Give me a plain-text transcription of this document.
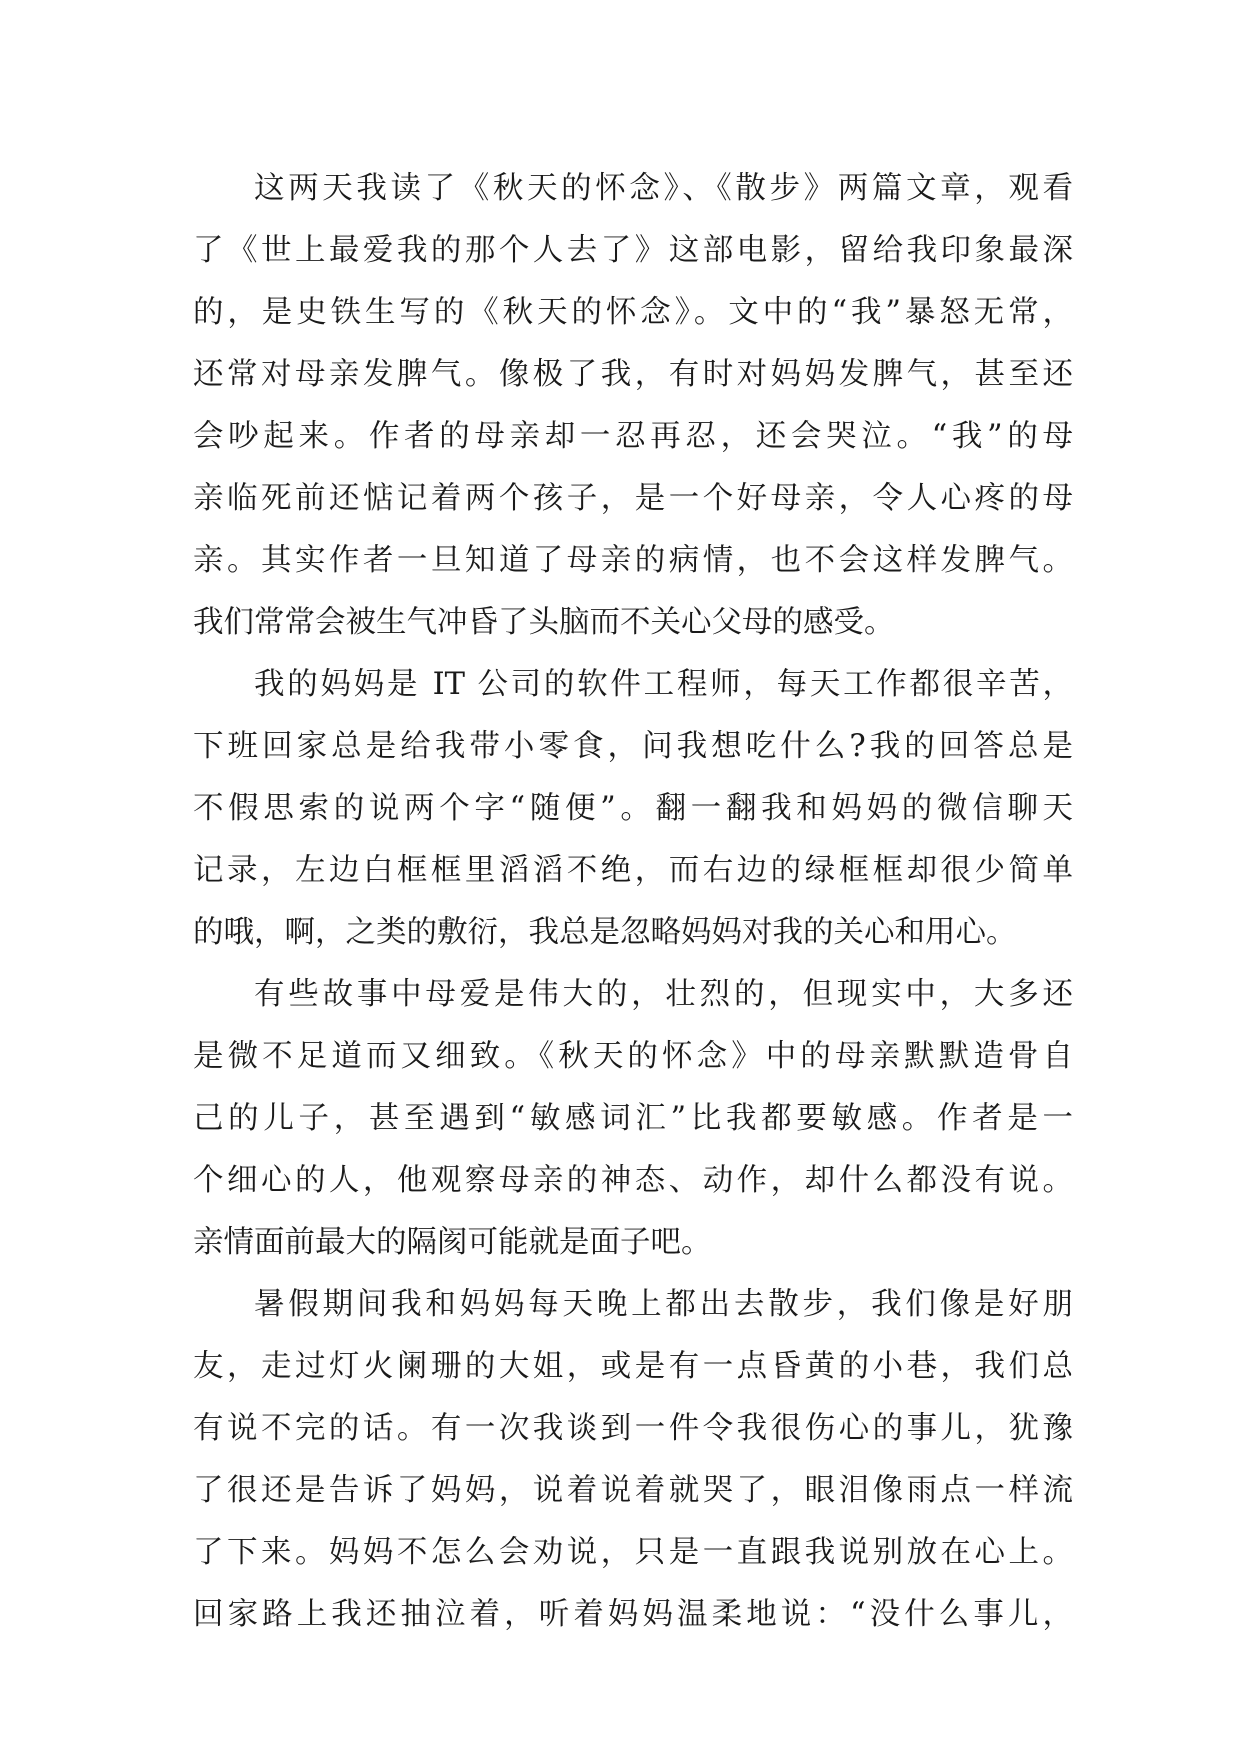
这两天我读了《秋天的怀念》、《散步》两篇文章，观看
了《世上最爱我的那个人去了》这部电影，留给我印象最深
的，是史铁生写的《秋天的怀念》。文中的“我”暴怒无常，
还常对母亲发脾气。像极了我，有时对妈妈发脾气，甚至还
会吵起来。作者的母亲却一忍再忍，还会哭泣。“我”的母
亲临死前还惦记着两个孩子，是一个好母亲，令人心疼的母
亲。其实作者一旦知道了母亲的病情，也不会这样发脾气。
我们常常会被生气冲昏了头脑而不关心父母的感受。
我的妈妈是 IT 公司的软件工程师，每天工作都很辛苦，
下班回家总是给我带小零食，问我想吃什么?我的回答总是
不假思索的说两个字“随便”。翻一翻我和妈妈的微信聊天
记录，左边白框框里滔滔不绝，而右边的绿框框却很少简单
的哦，啊，之类的敷衍，我总是忽略妈妈对我的关心和用心。
有些故事中母爱是伟大的，壮烈的，但现实中，大多还
是微不足道而又细致。《秋天的怀念》中的母亲默默造骨自
己的儿子，甚至遇到“敏感词汇”比我都要敏感。作者是一
个细心的人，他观察母亲的神态、动作，却什么都没有说。
亲情面前最大的隔阂可能就是面子吧。
暑假期间我和妈妈每天晚上都出去散步，我们像是好朋
友，走过灯火阑珊的大姐，或是有一点昏黄的小巷，我们总
有说不完的话。有一次我谈到一件令我很伤心的事儿，犹豫
了很还是告诉了妈妈，说着说着就哭了，眼泪像雨点一样流
了下来。妈妈不怎么会劝说，只是一直跟我说别放在心上。
回家路上我还抽泣着，听着妈妈温柔地说：“没什么事儿，
